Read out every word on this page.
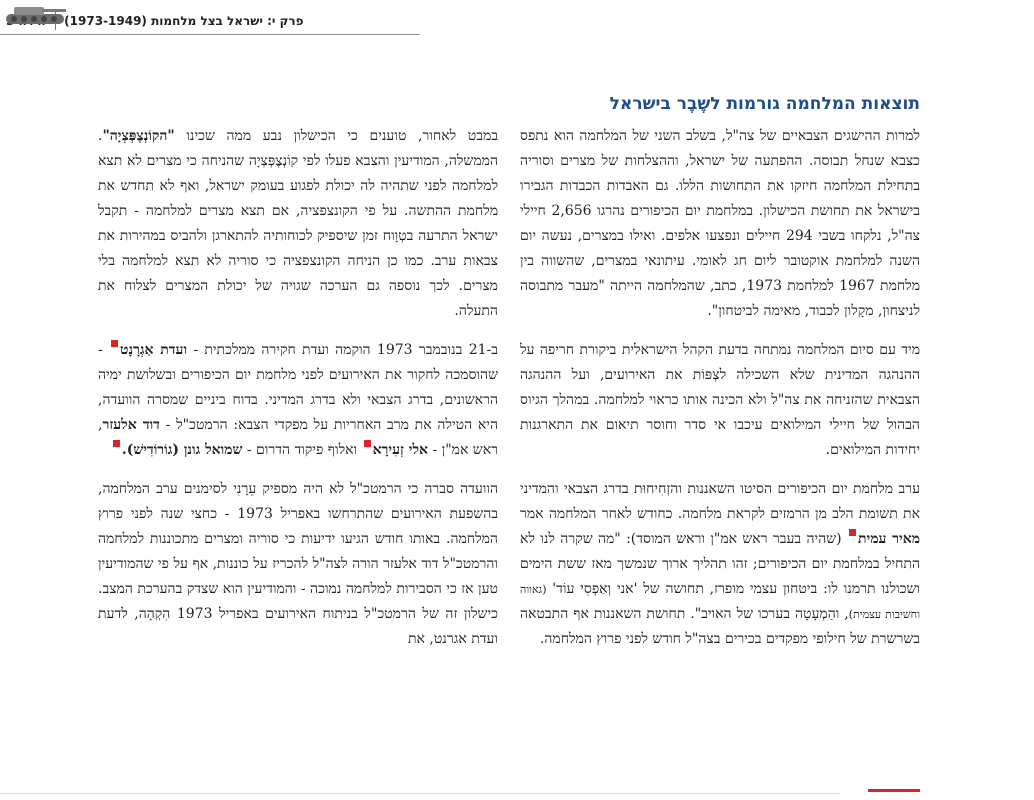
פרק י: ישראל בצל מלחמות (1973-1949)
תוצאות המלחמה גורמות לשֶבֶר בישראל

למרות ההישגים הצבאיים של צה"ל, בשלב השני של המלחמה הוא נתפס כצבא שנחל תבוסה. ההפתעה של ישראל, וההצלחות של מצרים וסוריה בתחילת המלחמה חיזקו את התחושות הללו. גם האבדות הכבדות הגבירו בישראל את תחושת הכישלון. במלחמת יום הכיפורים נהרגו 2,656 חיילי צה"ל, נלקחו בשבי 294 חיילים ונפצעו אלפים. ואילו במצרים, נעשה יום השנה למלחמת אוקטובר ליום חג לאומי. עיתונאי במצרים, שהשווה בין מלחמת 1967 למלחמת 1973, כתב, שהמלחמה הייתה "מעבר מתבוסה לניצחון, מקָלון לכבוד, מאימה לביטחון".

מיד עם סיום המלחמה נמתחה בדעת הקהל הישראלית ביקורת חריפה על ההנהגה המדינית שלא השכילה לצְפּוֹת את האירועים, ועל ההנהגה הצבאית שהזניחה את צה"ל ולא הכינה אותו כראוי למלחמה. במהלך הגיוס הבהול של חיילי המילואים עיכבו אי סדר וחוסר תיאום את התארגנות יחידות המילואים.

ערב מלחמת יום הכיפורים הסיטו השאננות והזְחִיחוּת בדרג הצבאי והמדיני את תשומת הלב מן הרמזים לקראת מלחמה. כחודש לאחר המלחמה אמר מאיר עמית (שהיה בעבר ראש אמ"ן וראש המוסד): "מה שקרה לנו לא התחיל במלחמת יום הכיפורים; זהו תהליך ארוך שנמשך מאז ששת הימים ושכולנו תרמנו לו: ביטחון עצמי מופרז, תחושה של 'אני וְאַפְסִי עוֹד' (גאווה וחשיבות עצמית), והַמְעָטָה בערכו של האויב". תחושת השאננות אף התבטאה בשרשרת של חילופי מפקדים בכירים בצה"ל חודש לפני פרוץ המלחמה.

במבט לאחור, טוענים כי הכישלון נבע ממה שכינו "הקוֹנְצֶפְּצְיָה". הממשלה, המודיעין והצבא פעלו לפי קוֹנְצֶפְּצְיָה שהניחה כי מצרים לא תצא למלחמה לפני שתהיה לה יכולת לפגוע בעומק ישראל, ואף לא תחדש את מלחמת ההתשה. על פי הקונצפציה, אם תצא מצרים למלחמה - תקבל ישראל התרעה בטְוָוח זמן שיספיק לכוחותיה להתארגן ולהביס במהירות את צבאות ערב. כמו כן הניחה הקונצפציה כי סוריה לא תצא למלחמה בלי מצרים. לכך נוספה גם הערכה שגויה של יכולת המצרים לצלוח את התעלה.

ב-21 בנובמבר 1973 הוקמה ועדת חקירה ממלכתית - ועדת אַגְרָנָט - שהוסמכה לחקור את האירועים לפני מלחמת יום הכיפורים ובשלושת ימיה הראשונים, בדרג הצבאי ולא בדרג המדיני. בדוח ביניים שמסרה הוועדה, היא הטילה את מרב האחריות על מפקדי הצבא: הרמטכ"ל - דוד אלעזר, ראש אמ"ן - אלי זְעִירָא ואלוף פיקוד הדרום - שמואל גונן (גוֹרוֹדִישׁ).

הוועדה סברה כי הרמטכ"ל לא היה מספיק עֵרָנִי לסימנים ערב המלחמה, בהשפעת האירועים שהתרחשו באפריל 1973 - כחצי שנה לפני פרוץ המלחמה. באותו חודש הגיעו ידיעות כי סוריה ומצרים מתכוננות למלחמה והרמטכ"ל דוד אלעזר הורה לצה"ל להכריז על כוננות, אף על פי שהמודיעין טען אז כי הסבירות למלחמה נמוכה - והמודיעין הוא שצדק בהערכת המצב. כישלון זה של הרמטכ"ל בניתוח האירועים באפריל 1973 הִקְהָה, לדעת ועדת אגרנט, את
